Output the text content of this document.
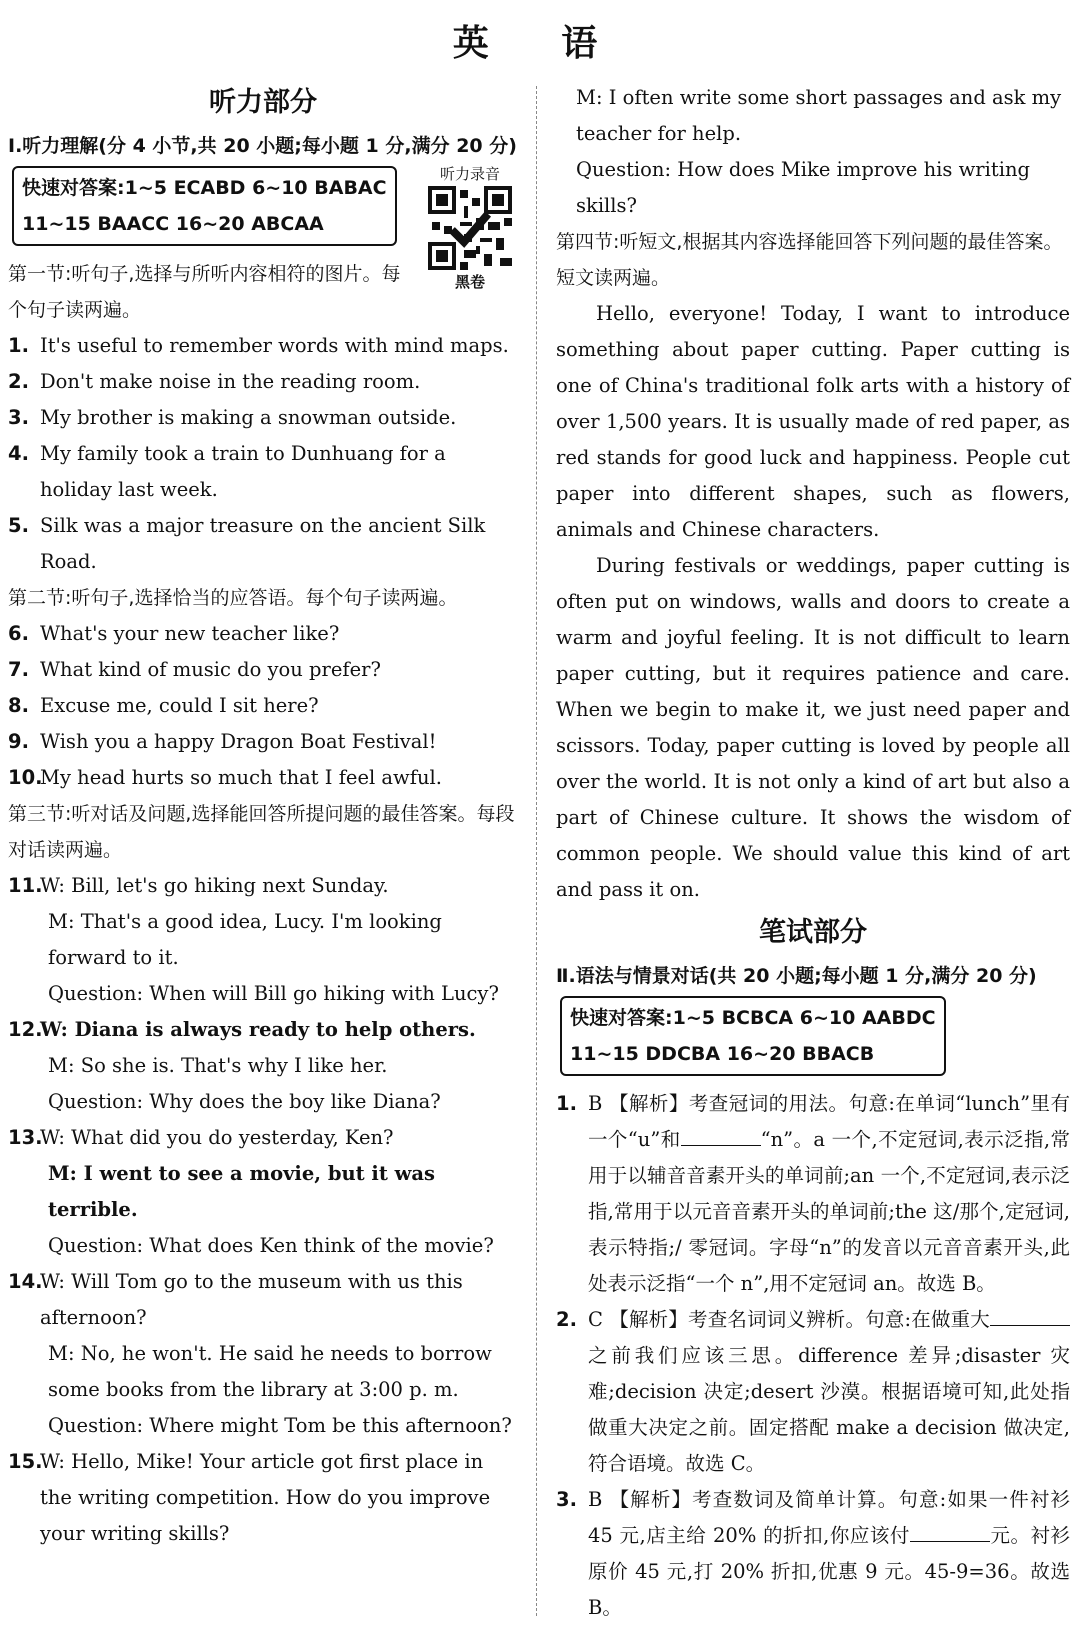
英 语
听力部分
Ⅰ.听力理解(分 4 小节,共 20 小题;每小题 1 分,满分 20 分)
快速对答案:1~5 ECABD 6~10 BABAC
11~15 BAACC 16~20 ABCAA
听力录音
黑卷
第一节:听句子,选择与所听内容相符的图片。每个句子读两遍。
1. It's useful to remember words with mind maps.
2. Don't make noise in the reading room.
3. My brother is making a snowman outside.
4. My family took a train to Dunhuang for a holiday last week.
5. Silk was a major treasure on the ancient Silk Road.
第二节:听句子,选择恰当的应答语。每个句子读两遍。
6. What's your new teacher like?
7. What kind of music do you prefer?
8. Excuse me, could I sit here?
9. Wish you a happy Dragon Boat Festival!
10.
My head hurts so much that I feel awful.
第三节:听对话及问题,选择能回答所提问题的最佳答案。每段对话读两遍。
11.
W: Bill, let's go hiking next Sunday.
M: That's a good idea, Lucy. I'm looking forward to it.
Question: When will Bill go hiking with Lucy?
12.
W: Diana is always ready to help others.
M: So she is. That's why I like her.
Question: Why does the boy like Diana?
13.
W: What did you do yesterday, Ken?
M: I went to see a movie, but it was terrible.
Question: What does Ken think of the movie?
14.
W: Will Tom go to the museum with us this afternoon?
M: No, he won't. He said he needs to borrow some books from the library at 3:00 p. m.
Question: Where might Tom be this afternoon?
15.
W: Hello, Mike! Your article got first place in the writing competition. How do you improve your writing skills?
M: I often write some short passages and ask my teacher for help.
Question: How does Mike improve his writing skills?
第四节:听短文,根据其内容选择能回答下列问题的最佳答案。短文读两遍。
Hello, everyone! Today, I want to introduce something about paper cutting. Paper cutting is one of China's traditional folk arts with a history of over 1,500 years. It is usually made of red paper, as red stands for good luck and happiness. People cut paper into different shapes, such as flowers, animals and Chinese characters.
During festivals or weddings, paper cutting is often put on windows, walls and doors to create a warm and joyful feeling. It is not difficult to learn paper cutting, but it requires patience and care. When we begin to make it, we just need paper and scissors. Today, paper cutting is loved by people all over the world. It is not only a kind of art but also a part of Chinese culture. It shows the wisdom of common people. We should value this kind of art and pass it on.
笔试部分
Ⅱ.语法与情景对话(共 20 小题;每小题 1 分,满分 20 分)
快速对答案:1~5 BCBCA 6~10 AABDC
11~15 DDCBA 16~20 BBACB
1. B 【解析】考查冠词的用法。句意:在单词“lunch”里有一个“u”和	“n”。a 一个,不定冠词,表示泛指,常用于以辅音音素开头的单词前;an 一个,不定冠词,表示泛指,常用于以元音音素开头的单词前;the 这/那个,定冠词,表示特指;/ 零冠词。字母“n”的发音以元音音素开头,此处表示泛指“一个 n”,用不定冠词 an。故选 B。
2. C 【解析】考查名词词义辨析。句意:在做重大之前我们应该三思。difference 差异;disaster 灾难;decision 决定;desert 沙漠。根据语境可知,此处指做重大决定之前。固定搭配 make a decision 做决定,符合语境。故选 C。
3. B 【解析】考查数词及简单计算。句意:如果一件衬衫 45 元,店主给 20% 的折扣,你应该付	元。衬衫原价 45 元,打 20% 折扣,优惠 9 元。45-9=36。故选 B。
